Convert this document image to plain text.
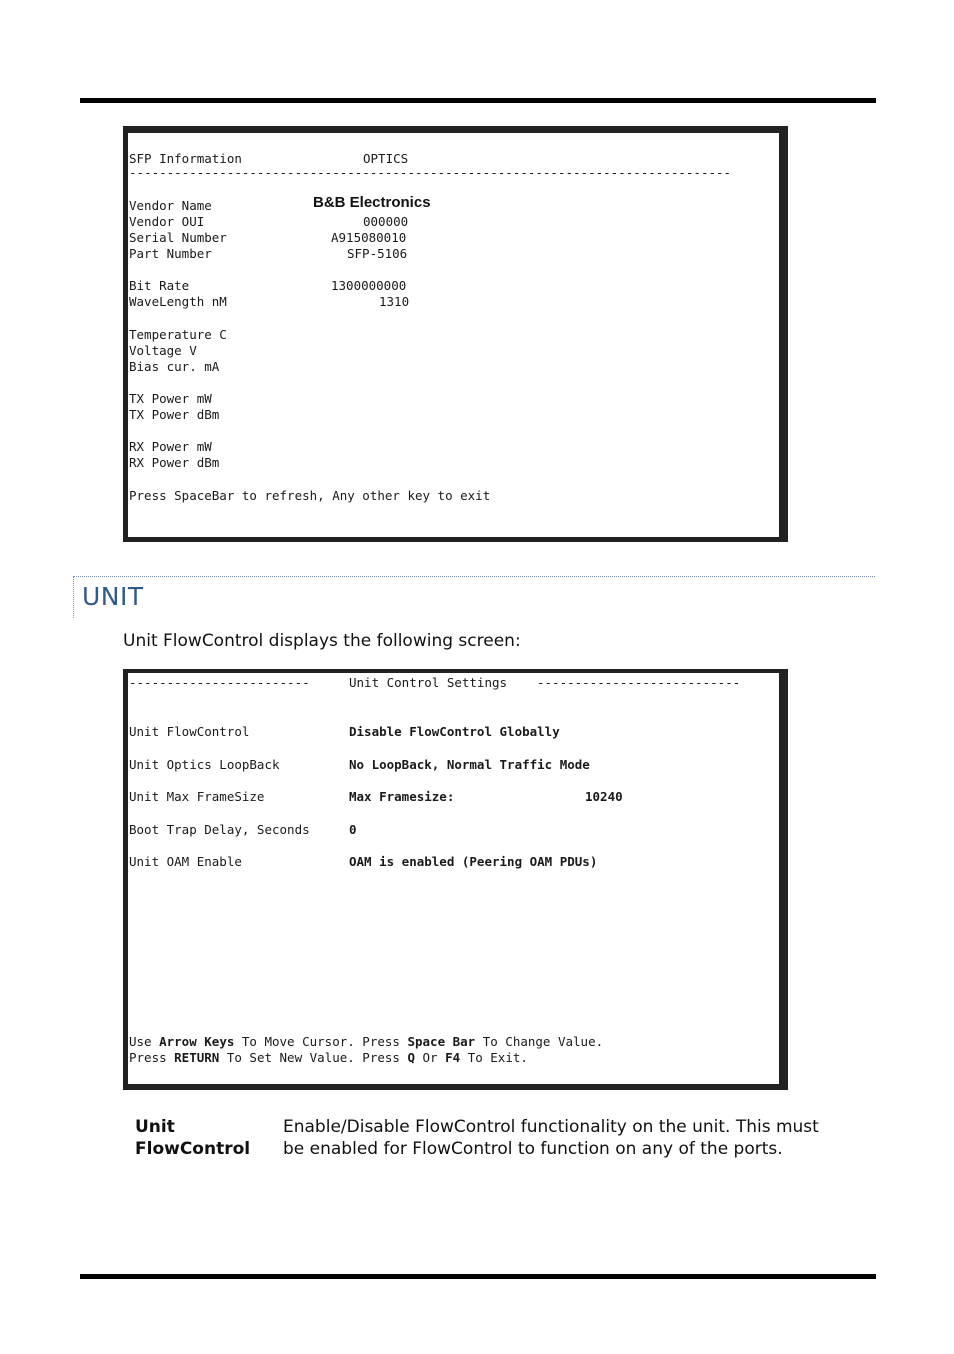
SFP Information	OPTICS
--------------------------------------------------------------------------------
Vendor Name	B&B Electronics
Vendor OUI	000000
Serial Number	A915080010
Part Number	SFP-5106
Bit Rate	1300000000
WaveLength nM	1310
Temperature C
Voltage V
Bias cur. mA
TX Power mW
TX Power dBm
RX Power mW
RX Power dBm
Press SpaceBar to refresh, Any other key to exit
UNIT
Unit FlowControl displays the following screen:
------------------------	Unit Control Settings ---------------------------
Unit FlowControl	Disable FlowControl Globally
Unit Optics LoopBack	No LoopBack, Normal Traffic Mode
Unit Max FrameSize	Max Framesize:	10240
Boot Trap Delay, Seconds	0
Unit OAM Enable	OAM is enabled (Peering OAM PDUs)
Use Arrow Keys To Move Cursor. Press Space Bar To Change Value.
Press RETURN To Set New Value. Press Q Or F4 To Exit.
Unit FlowControl
Enable/Disable FlowControl functionality on the unit. This must be enabled for FlowControl to function on any of the ports.
